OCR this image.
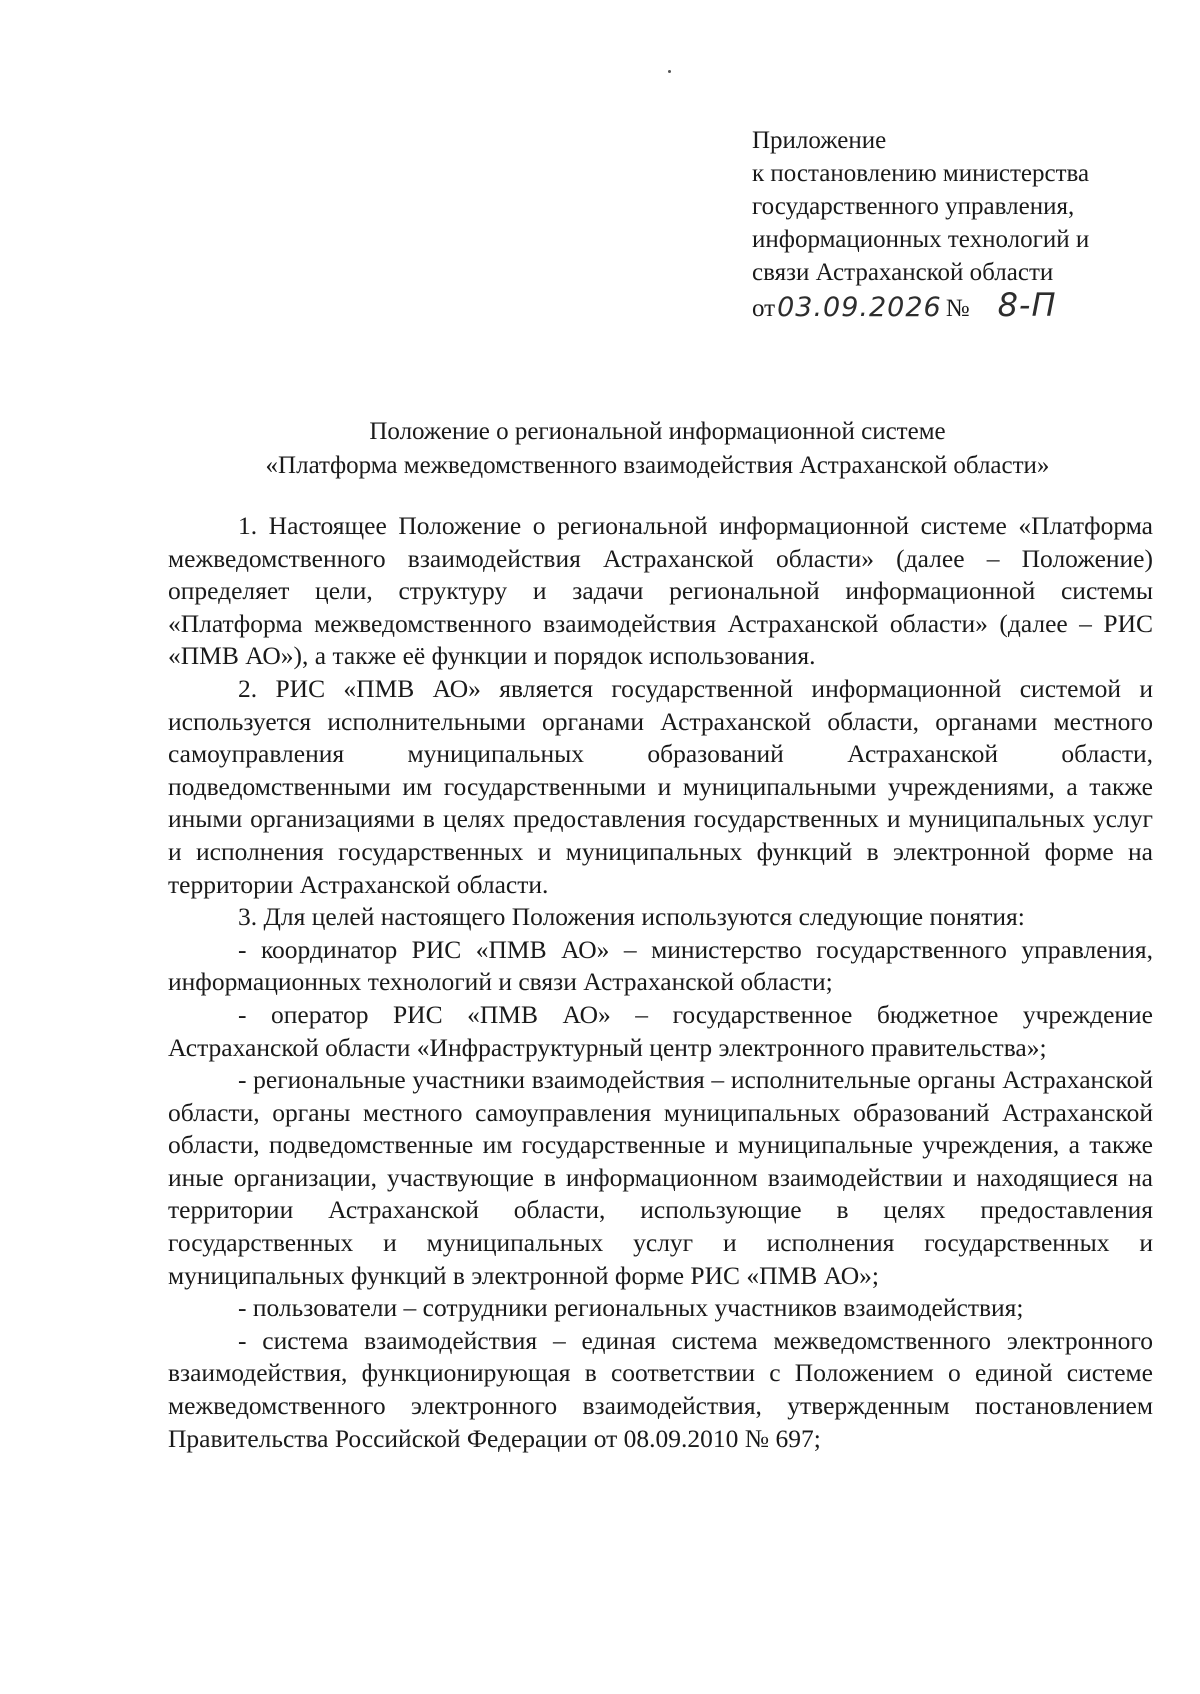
Приложение
к постановлению министерства
государственного управления,
информационных технологий и
связи Астраханской области
от03.09.2026 № 8-П
Положение о региональной информационной системе
«Платформа межведомственного взаимодействия Астраханской области»

1. Настоящее Положение о региональной информационной системе «Платформа межведомственного взаимодействия Астраханской области» (далее – Положение) определяет цели, структуру и задачи региональной информационной системы «Платформа межведомственного взаимодействия Астраханской области» (далее – РИС «ПМВ АО»), а также её функции и порядок использования.

2. РИС «ПМВ АО» является государственной информационной системой и используется исполнительными органами Астраханской области, органами местного самоуправления муниципальных образований Астраханской области, подведомственными им государственными и муниципальными учреждениями, а также иными организациями в целях предоставления государственных и муниципальных услуг и исполнения государственных и муниципальных функций в электронной форме на территории Астраханской области.

3. Для целей настоящего Положения используются следующие понятия:

- координатор РИС «ПМВ АО» – министерство государственного управления, информационных технологий и связи Астраханской области;

- оператор РИС «ПМВ АО» – государственное бюджетное учреждение Астраханской области «Инфраструктурный центр электронного правительства»;

- региональные участники взаимодействия – исполнительные органы Астраханской области, органы местного самоуправления муниципальных образований Астраханской области, подведомственные им государственные и муниципальные учреждения, а также иные организации, участвующие в информационном взаимодействии и находящиеся на территории Астраханской области, использующие в целях предоставления государственных и муниципальных услуг и исполнения государственных и муниципальных функций в электронной форме РИС «ПМВ АО»;

- пользователи – сотрудники региональных участников взаимодействия;

- система взаимодействия – единая система межведомственного электронного взаимодействия, функционирующая в соответствии с Положением о единой системе межведомственного электронного взаимодействия, утвержденным постановлением Правительства Российской Федерации от 08.09.2010 № 697;
